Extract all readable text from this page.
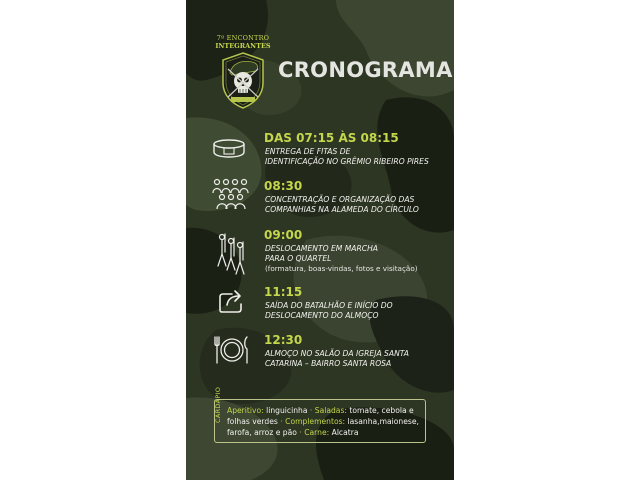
7º ENCONTRO
INTEGRANTES
CRONOGRAMA
DAS 07:15 ÀS 08:15
ENTREGA DE FITAS DE
IDENTIFICAÇÃO NO GRÊMIO RIBEIRO PIRES
08:30
CONCENTRAÇÃO E ORGANIZAÇÃO DAS
COMPANHIAS NA ALAMEDA DO CÍRCULO
09:00
DESLOCAMENTO EM MARCHA
PARA O QUARTEL
(formatura, boas-vindas, fotos e visitação)
11:15
SAÍDA DO BATALHÃO E INÍCIO DO
DESLOCAMENTO DO ALMOÇO
12:30
ALMOÇO NO SALÃO DA IGREJA SANTA
CATARINA – BAIRRO SANTA ROSA
CARDÁPIO Aperitivo: linguicinha · Saladas: tomate, cebola e folhas verdes · Complementos: lasanha,maionese, farofa, arroz e pão · Carne: Alcatra
